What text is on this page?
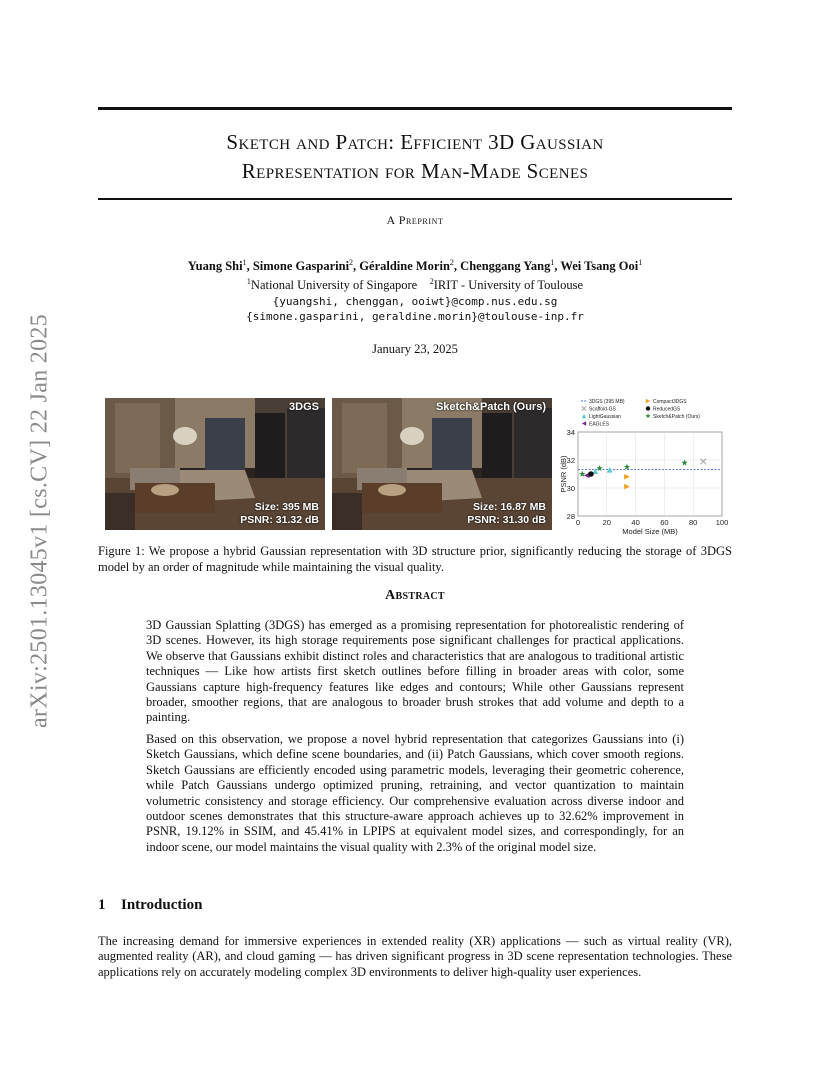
arXiv:2501.13045v1 [cs.CV] 22 Jan 2025
Sketch and Patch: Efficient 3D Gaussian
Representation for Man-Made Scenes
A Preprint
Yuang Shi$^1$, Simone Gasparini$^2$, Géraldine Morin$^2$, Chenggang Yang$^1$, Wei Tsang Ooi$^1$
$^1$National University of Singapore $^2$IRIT - University of Toulouse
{yuangshi, chenggan, ooiwt}@comp.nus.edu.sg
{simone.gasparini, geraldine.morin}@toulouse-inp.fr
January 23, 2025
3DGS
Size: 395 MB
PSNR: 31.32 dB
Sketch&Patch (Ours)
Size: 16.87 MB
PSNR: 31.30 dB	28
30
32
34
0	20	40	60	80 100
Model Size (MB)
PSNR (dB)
3DGS (395 MB)	Compact3DGS
Scaffold-GS	ReducedGS
LightGaussian	Sketch&Patch (Ours)
EAGLES
Figure 1: We propose a hybrid Gaussian representation with 3D structure prior, significantly reducing the storage of 3DGS model by an order of magnitude while maintaining the visual quality.
Abstract

3D Gaussian Splatting (3DGS) has emerged as a promising representation for photorealistic rendering of 3D scenes. However, its high storage requirements pose significant challenges for practical applications. We observe that Gaussians exhibit distinct roles and characteristics that are analogous to traditional artistic techniques — Like how artists first sketch outlines before filling in broader areas with color, some Gaussians capture high-frequency features like edges and contours; While other Gaussians represent broader, smoother regions, that are analogous to broader brush strokes that add volume and depth to a painting.

Based on this observation, we propose a novel hybrid representation that categorizes Gaussians into (i) Sketch Gaussians, which define scene boundaries, and (ii) Patch Gaussians, which cover smooth regions. Sketch Gaussians are efficiently encoded using parametric models, leveraging their geometric coherence, while Patch Gaussians undergo optimized pruning, retraining, and vector quantization to maintain volumetric consistency and storage efficiency. Our comprehensive evaluation across diverse indoor and outdoor scenes demonstrates that this structure-aware approach achieves up to 32.62% improvement in PSNR, 19.12% in SSIM, and 45.41% in LPIPS at equivalent model sizes, and correspondingly, for an indoor scene, our model maintains the visual quality with 2.3% of the original model size.

1 Introduction

The increasing demand for immersive experiences in extended reality (XR) applications — such as virtual reality (VR), augmented reality (AR), and cloud gaming — has driven significant progress in 3D scene representation technologies. These applications rely on accurately modeling complex 3D environments to deliver high-quality user experiences.
